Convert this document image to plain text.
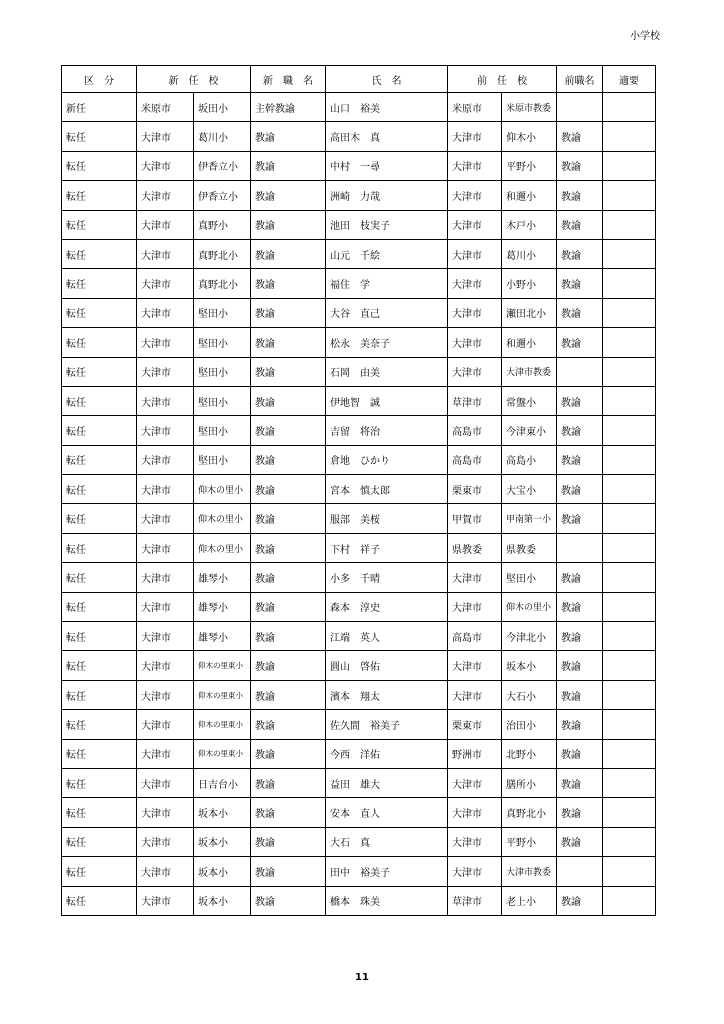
小学校
区　分	新　任　校		新　職　名	氏　名	前　任　校		前職名	適要
新任	米原市	坂田小	主幹教諭	山口　裕美	米原市	米原市教委		
転任	大津市	葛川小	教諭	高田木　真	大津市	仰木小	教諭	
転任	大津市	伊香立小	教諭	中村　一尋	大津市	平野小	教諭	
転任	大津市	伊香立小	教諭	洲崎　力哉	大津市	和邇小	教諭	
転任	大津市	真野小	教諭	池田　枝実子	大津市	木戸小	教諭	
転任	大津市	真野北小	教諭	山元　千絵	大津市	葛川小	教諭	
転任	大津市	真野北小	教諭	福住　学	大津市	小野小	教諭	
転任	大津市	堅田小	教諭	大谷　直己	大津市	瀬田北小	教諭	
転任	大津市	堅田小	教諭	松永　美奈子	大津市	和邇小	教諭	
転任	大津市	堅田小	教諭	石岡　由美	大津市	大津市教委		
転任	大津市	堅田小	教諭	伊地智　誠	草津市	常盤小	教諭	
転任	大津市	堅田小	教諭	吉留　将治	高島市	今津東小	教諭	
転任	大津市	堅田小	教諭	倉地　ひかり	高島市	高島小	教諭	
転任	大津市	仰木の里小	教諭	宮本　慎太郎	栗東市	大宝小	教諭	
転任	大津市	仰木の里小	教諭	服部　美桜	甲賀市	甲南第一小	教諭	
転任	大津市	仰木の里小	教諭	下村　祥子	県教委	県教委		
転任	大津市	雄琴小	教諭	小多　千晴	大津市	堅田小	教諭	
転任	大津市	雄琴小	教諭	森本　淳史	大津市	仰木の里小	教諭	
転任	大津市	雄琴小	教諭	江端　英人	高島市	今津北小	教諭	
転任	大津市	仰木の里東小	教諭	圓山　啓佑	大津市	坂本小	教諭	
転任	大津市	仰木の里東小	教諭	濱本　翔太	大津市	大石小	教諭	
転任	大津市	仰木の里東小	教諭	佐久間　裕美子	栗東市	治田小	教諭	
転任	大津市	仰木の里東小	教諭	今西　洋佑	野洲市	北野小	教諭	
転任	大津市	日吉台小	教諭	益田　雄大	大津市	膳所小	教諭	
転任	大津市	坂本小	教諭	安本　直人	大津市	真野北小	教諭	
転任	大津市	坂本小	教諭	大石　真	大津市	平野小	教諭	
転任	大津市	坂本小	教諭	田中　裕美子	大津市	大津市教委		
転任	大津市	坂本小	教諭	橋本　珠美	草津市	老上小	教諭	
11
